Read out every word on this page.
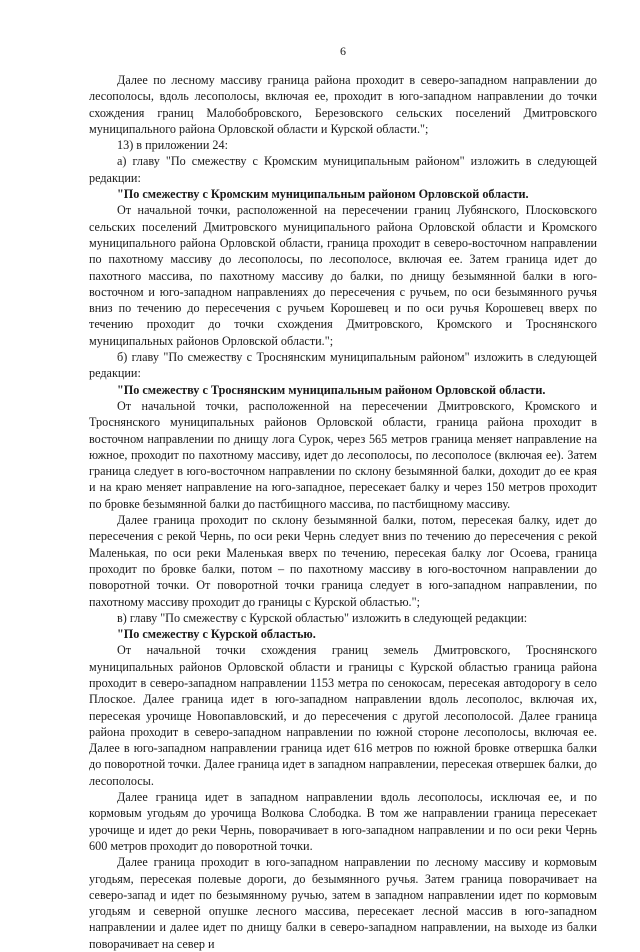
6

Далее по лесному массиву граница района проходит в северо-западном направлении до лесополосы, вдоль лесополосы, включая ее, проходит в юго-западном направлении до точки схождения границ Малобобровского, Березовского сельских поселений Дмитровского муниципального района Орловской области и Курской области.";

13) в приложении 24:

а) главу "По смежеству с Кромским муниципальным районом" изложить в следующей редакции:

"По смежеству с Кромским муниципальным районом Орловской области.

От начальной точки, расположенной на пересечении границ Лубянского, Плосковского сельских поселений Дмитровского муниципального района Орловской области и Кромского муниципального района Орловской области, граница проходит в северо-восточном направлении по пахотному массиву до лесополосы, по лесополосе, включая ее. Затем граница идет до пахотного массива, по пахотному массиву до балки, по днищу безымянной балки в юго-восточном и юго-западном направлениях до пересечения с ручьем, по оси безымянного ручья вниз по течению до пересечения с ручьем Корошевец и по оси ручья Корошевец вверх по течению проходит до точки схождения Дмитровского, Кромского и Троснянского муниципальных районов Орловской области.";

б) главу "По смежеству с Троснянским муниципальным районом" изложить в следующей редакции:

"По смежеству с Троснянским муниципальным районом Орловской области.

От начальной точки, расположенной на пересечении Дмитровского, Кромского и Троснянского муниципальных районов Орловской области, граница района проходит в восточном направлении по днищу лога Сурок, через 565 метров граница меняет направление на южное, проходит по пахотному массиву, идет до лесополосы, по лесополосе (включая ее). Затем граница следует в юго-восточном направлении по склону безымянной балки, доходит до ее края и на краю меняет направление на юго-западное, пересекает балку и через 150 метров проходит по бровке безымянной балки до пастбищного массива, по пастбищному массиву.

Далее граница проходит по склону безымянной балки, потом, пересекая балку, идет до пересечения с рекой Чернь, по оси реки Чернь следует вниз по течению до пересечения с рекой Маленькая, по оси реки Маленькая вверх по течению, пересекая балку лог Осоева, граница проходит по бровке балки, потом – по пахотному массиву в юго-восточном направлении до поворотной точки. От поворотной точки граница следует в юго-западном направлении, по пахотному массиву проходит до границы с Курской областью.";

в) главу "По смежеству с Курской областью" изложить в следующей редакции:

"По смежеству с Курской областью.

От начальной точки схождения границ земель Дмитровского, Троснянского муниципальных районов Орловской области и границы с Курской областью граница района проходит в северо-западном направлении 1153 метра по сенокосам, пересекая автодорогу в село Плоское. Далее граница идет в юго-западном направлении вдоль лесополос, включая их, пересекая урочище Новопавловский, и до пересечения с другой лесополосой. Далее граница района проходит в северо-западном направлении по южной стороне лесополосы, включая ее. Далее в юго-западном направлении граница идет 616 метров по южной бровке отвершка балки до поворотной точки. Далее граница идет в западном направлении, пересекая отвершек балки, до лесополосы.

Далее граница идет в западном направлении вдоль лесополосы, исключая ее, и по кормовым угодьям до урочища Волкова Слободка. В том же направлении граница пересекает урочище и идет до реки Чернь, поворачивает в юго-западном направлении и по оси реки Чернь 600 метров проходит до поворотной точки.

Далее граница проходит в юго-западном направлении по лесному массиву и кормовым угодьям, пересекая полевые дороги, до безымянного ручья. Затем граница поворачивает на северо-запад и идет по безымянному ручью, затем в западном направлении идет по кормовым угодьям и северной опушке лесного массива, пересекает лесной массив в юго-западном направлении и далее идет по днищу балки в северо-западном направлении, на выходе из балки поворачивает на север и
